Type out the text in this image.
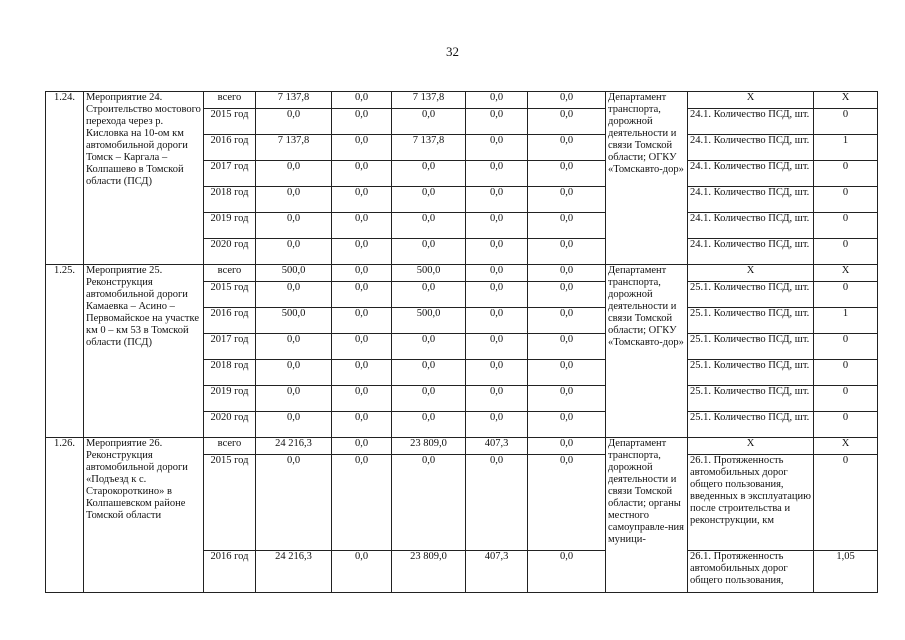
32
1.24.	Мероприятие 24. Строительство мостового перехода через р. Кисловка на 10-ом км автомобильной дороги Томск – Каргала – Колпашево в Томской области (ПСД)	всего	7 137,8	0,0	7 137,8	0,0	0,0	Департамент транспорта, дорожной деятельности и связи Томской области; ОГКУ «Томскавто-дор»	Х	Х
		2015 год	0,0	0,0	0,0	0,0	0,0		24.1. Количество ПСД, шт.	0
		2016 год	7 137,8	0,0	7 137,8	0,0	0,0		24.1. Количество ПСД, шт.	1
		2017 год	0,0	0,0	0,0	0,0	0,0		24.1. Количество ПСД, шт.	0
		2018 год	0,0	0,0	0,0	0,0	0,0		24.1. Количество ПСД, шт.	0
		2019 год	0,0	0,0	0,0	0,0	0,0		24.1. Количество ПСД, шт.	0
		2020 год	0,0	0,0	0,0	0,0	0,0		24.1. Количество ПСД, шт.	0
1.25.	Мероприятие 25. Реконструкция автомобильной дороги Камаевка – Асино – Первомайское на участке км 0 – км 53 в Томской области (ПСД)	всего	500,0	0,0	500,0	0,0	0,0	Департамент транспорта, дорожной деятельности и связи Томской области; ОГКУ «Томскавто-дор»	Х	Х
		2015 год	0,0	0,0	0,0	0,0	0,0		25.1. Количество ПСД, шт.	0
		2016 год	500,0	0,0	500,0	0,0	0,0		25.1. Количество ПСД, шт.	1
		2017 год	0,0	0,0	0,0	0,0	0,0		25.1. Количество ПСД, шт.	0
		2018 год	0,0	0,0	0,0	0,0	0,0		25.1. Количество ПСД, шт.	0
		2019 год	0,0	0,0	0,0	0,0	0,0		25.1. Количество ПСД, шт.	0
		2020 год	0,0	0,0	0,0	0,0	0,0		25.1. Количество ПСД, шт.	0
1.26.	Мероприятие 26. Реконструкция автомобильной дороги «Подъезд к с. Старокороткино» в Колпашевском районе Томской области	всего	24 216,3	0,0	23 809,0	407,3	0,0	Департамент транспорта, дорожной деятельности и связи Томской области; органы местного самоуправле-ния муници-	Х	Х
		2015 год	0,0	0,0	0,0	0,0	0,0		26.1. Протяженность автомобильных дорог общего пользования, введенных в эксплуатацию после строительства и реконструкции, км	0
		2016 год	24 216,3	0,0	23 809,0	407,3	0,0		26.1. Протяженность автомобильных дорог общего пользования,	1,05
